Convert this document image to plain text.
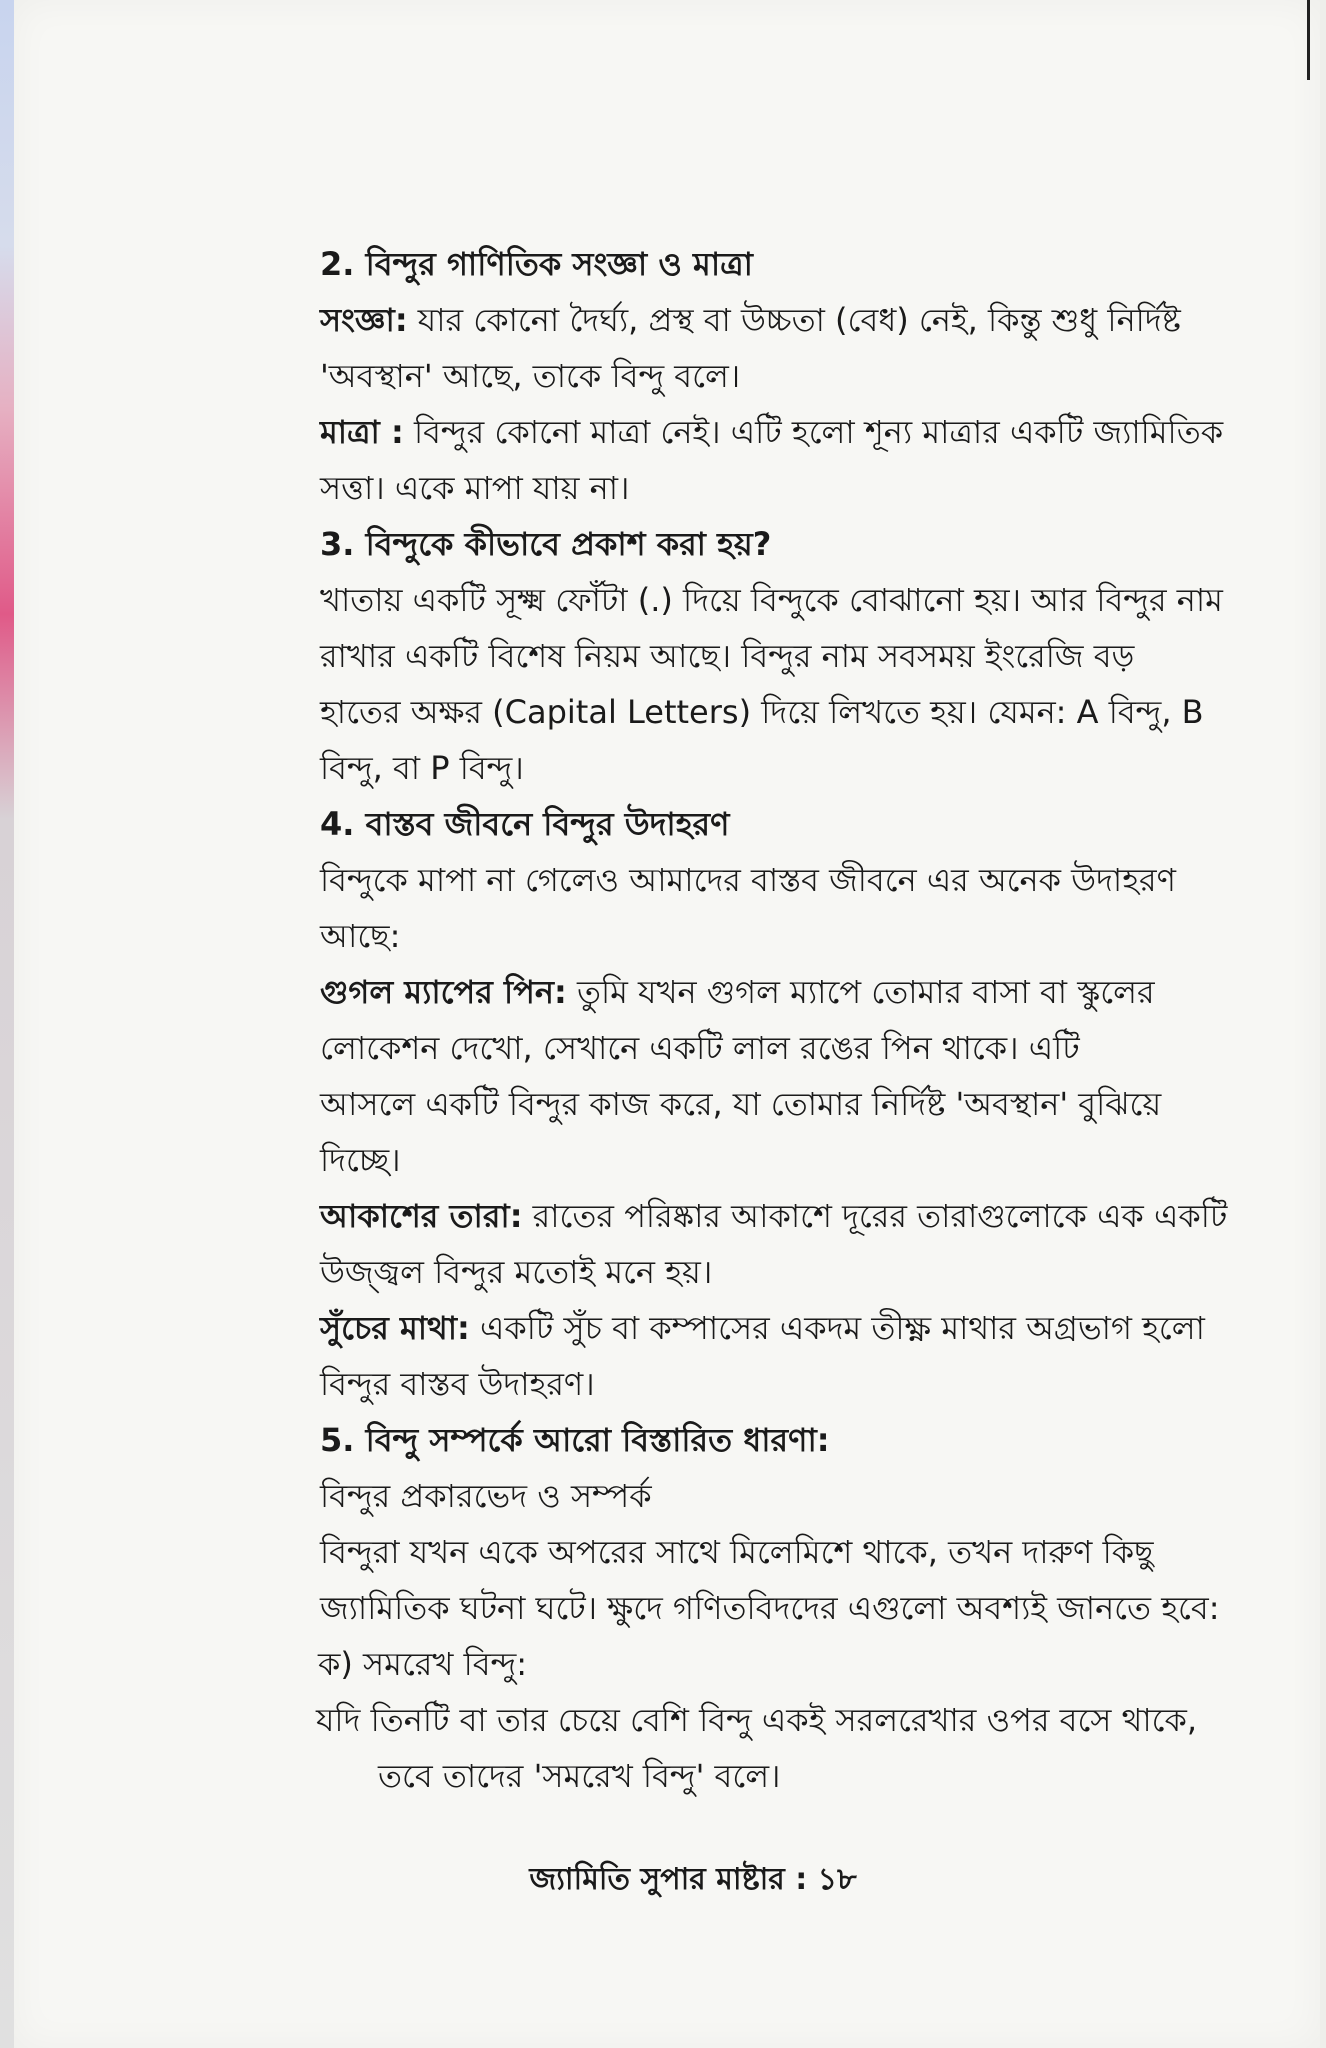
2. বিন্দুর গাণিতিক সংজ্ঞা ও মাত্রা
সংজ্ঞা: যার কোনো দৈর্ঘ্য, প্রস্থ বা উচ্চতা (বেধ) নেই, কিন্তু শুধু নির্দিষ্ট
'অবস্থান' আছে, তাকে বিন্দু বলে।
মাত্রা : বিন্দুর কোনো মাত্রা নেই। এটি হলো শূন্য মাত্রার একটি জ্যামিতিক
সত্তা। একে মাপা যায় না।
3. বিন্দুকে কীভাবে প্রকাশ করা হয়?
খাতায় একটি সূক্ষ্ম ফোঁটা (.) দিয়ে বিন্দুকে বোঝানো হয়। আর বিন্দুর নাম
রাখার একটি বিশেষ নিয়ম আছে। বিন্দুর নাম সবসময় ইংরেজি বড়
হাতের অক্ষর (Capital Letters) দিয়ে লিখতে হয়। যেমন: A বিন্দু, B
বিন্দু, বা P বিন্দু।
4. বাস্তব জীবনে বিন্দুর উদাহরণ
বিন্দুকে মাপা না গেলেও আমাদের বাস্তব জীবনে এর অনেক উদাহরণ
আছে:
গুগল ম্যাপের পিন: তুমি যখন গুগল ম্যাপে তোমার বাসা বা স্কুলের
লোকেশন দেখো, সেখানে একটি লাল রঙের পিন থাকে। এটি
আসলে একটি বিন্দুর কাজ করে, যা তোমার নির্দিষ্ট 'অবস্থান' বুঝিয়ে
দিচ্ছে।
আকাশের তারা: রাতের পরিষ্কার আকাশে দূরের তারাগুলোকে এক একটি
উজ্জ্বল বিন্দুর মতোই মনে হয়।
সুঁচের মাথা: একটি সুঁচ বা কম্পাসের একদম তীক্ষ্ণ মাথার অগ্রভাগ হলো
বিন্দুর বাস্তব উদাহরণ।
5. বিন্দু সম্পর্কে আরো বিস্তারিত ধারণা:
বিন্দুর প্রকারভেদ ও সম্পর্ক
বিন্দুরা যখন একে অপরের সাথে মিলেমিশে থাকে, তখন দারুণ কিছু
জ্যামিতিক ঘটনা ঘটে। ক্ষুদে গণিতবিদদের এগুলো অবশ্যই জানতে হবে:
ক) সমরেখ বিন্দু:
যদি তিনটি বা তার চেয়ে বেশি বিন্দু একই সরলরেখার ওপর বসে থাকে,
তবে তাদের 'সমরেখ বিন্দু' বলে।
জ্যামিতি সুপার মাষ্টার : ১৮
